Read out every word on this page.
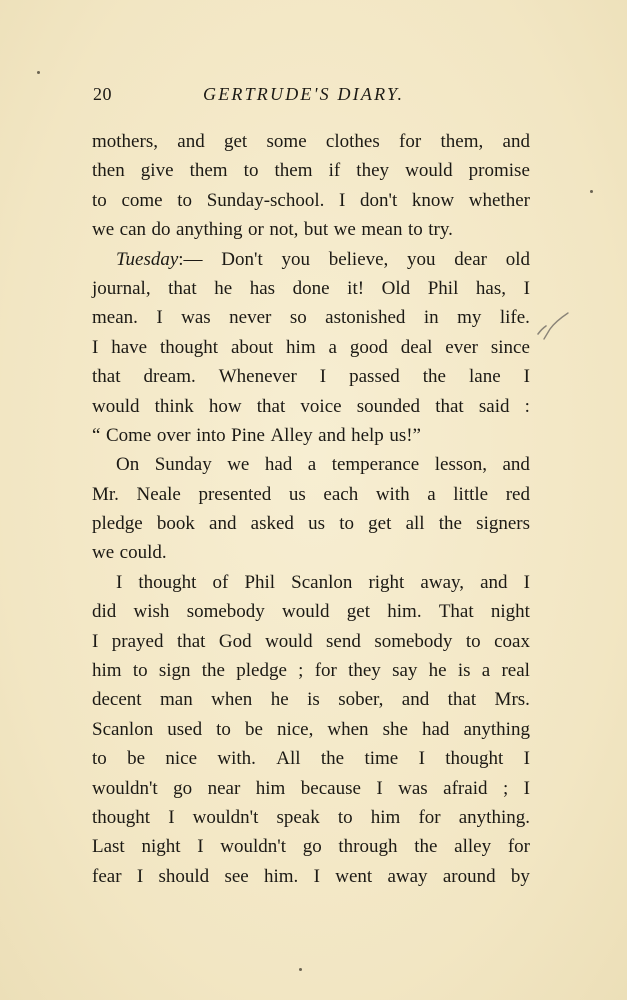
20	GERTRUDE'S DIARY.
mothers, and get some clothes for them, and
then give them to them if they would promise
to come to Sunday-school. I don't know whether
we can do anything or not, but we mean to try.
Tuesday:— Don't you believe, you dear old
journal, that he has done it! Old Phil has, I
mean. I was never so astonished in my life.
I have thought about him a good deal ever since
that dream. Whenever I passed the lane I
would think how that voice sounded that said :
“ Come over into Pine Alley and help us!”
On Sunday we had a temperance lesson, and
Mr. Neale presented us each with a little red
pledge book and asked us to get all the signers
we could.
I thought of Phil Scanlon right away, and I
did wish somebody would get him. That night
I prayed that God would send somebody to coax
him to sign the pledge ; for they say he is a real
decent man when he is sober, and that Mrs.
Scanlon used to be nice, when she had anything
to be nice with. All the time I thought I
wouldn't go near him because I was afraid ; I
thought I wouldn't speak to him for anything.
Last night I wouldn't go through the alley for
fear I should see him. I went away around by
